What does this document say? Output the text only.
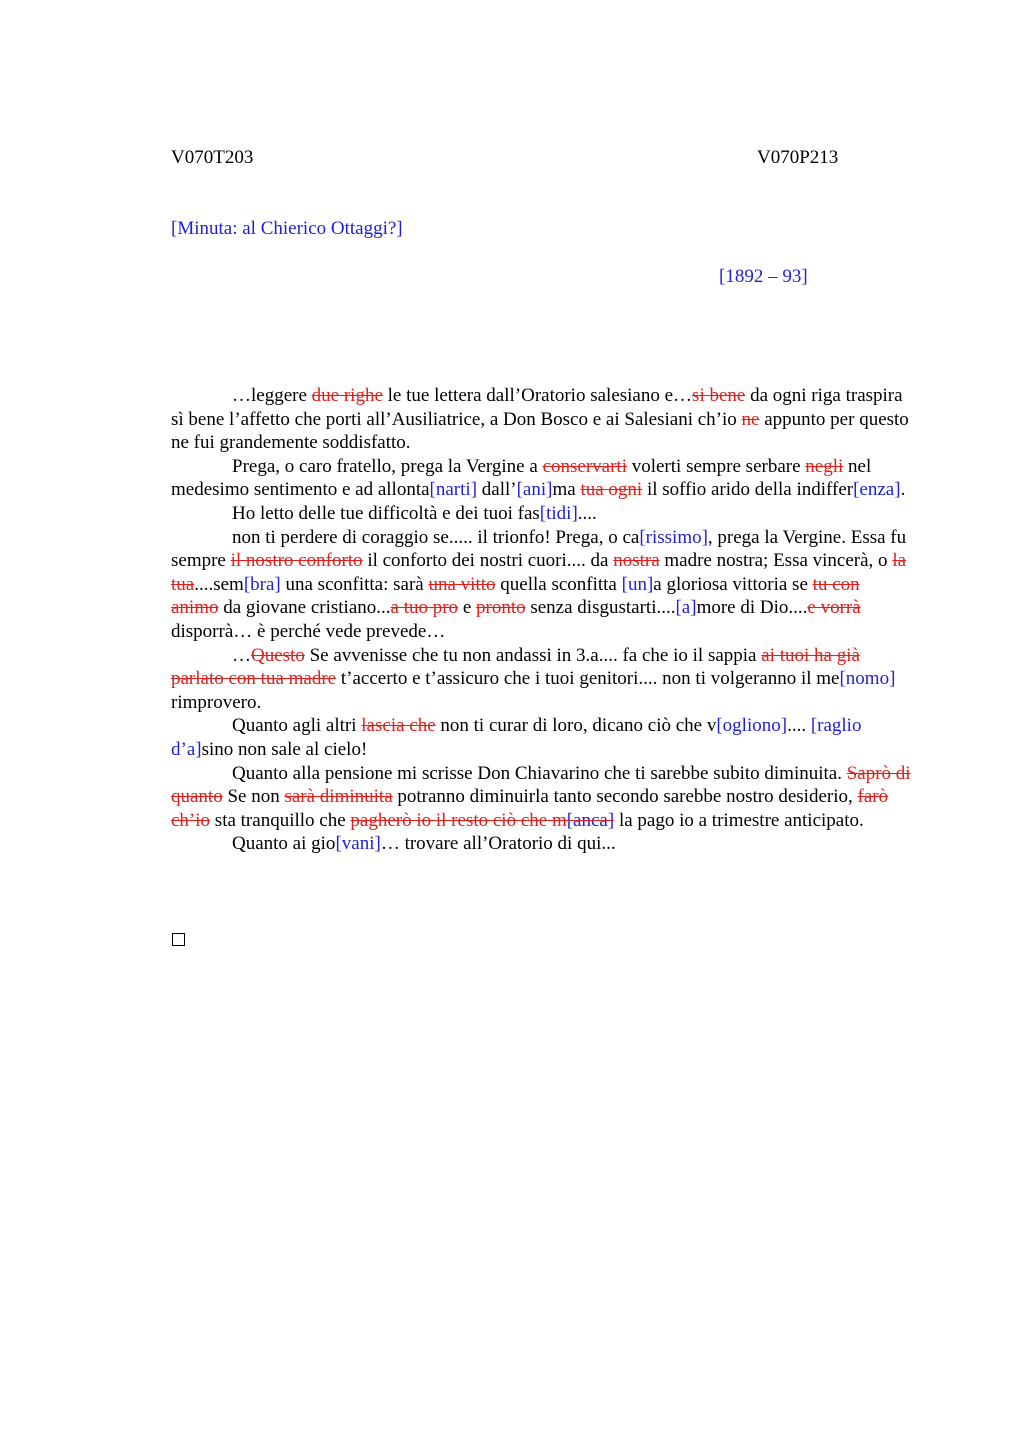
V070T203	V070P213
[Minuta: al Chierico Ottaggi?]
[1892 – 93]

…leggere due righe le tue lettera dall’Oratorio salesiano e…si bene da ogni riga traspira sì bene l’affetto che porti all’Ausiliatrice, a Don Bosco e ai Salesiani ch’io ne appunto per questo ne fui grandemente soddisfatto.

Prega, o caro fratello, prega la Vergine a conservarti volerti sempre serbare negli nel medesimo sentimento e ad allonta[narti] dall’[ani]ma tua ogni il soffio arido della indiffer[enza].

Ho letto delle tue difficoltà e dei tuoi fas[tidi]....

non ti perdere di coraggio se..... il trionfo! Prega, o ca[rissimo], prega la Vergine. Essa fu sempre il nostro conforto il conforto dei nostri cuori.... da nostra madre nostra; Essa vincerà, o la tua....sem[bra] una sconfitta: sarà una vitto quella sconfitta [un]a gloriosa vittoria se tu con animo da giovane cristiano...a tuo pro e pronto senza disgustarti....[a]more di Dio....e vorrà disporrà… è perché vede prevede…

…Questo Se avvenisse che tu non andassi in 3.a.... fa che io il sappia ai tuoi ha già parlato con tua madre t’accerto e t’assicuro che i tuoi genitori.... non ti volgeranno il me[nomo] rimprovero.

Quanto agli altri lascia che non ti curar di loro, dicano ciò che v[ogliono].... [raglio d’a]sino non sale al cielo!

Quanto alla pensione mi scrisse Don Chiavarino che ti sarebbe subito diminuita. Saprò di quanto Se non sarà diminuita potranno diminuirla tanto secondo sarebbe nostro desiderio, farò ch’io sta tranquillo che pagherò io il resto ciò che m[anca] la pago io a trimestre anticipato.

Quanto ai gio[vani]… trovare all’Oratorio di qui...
